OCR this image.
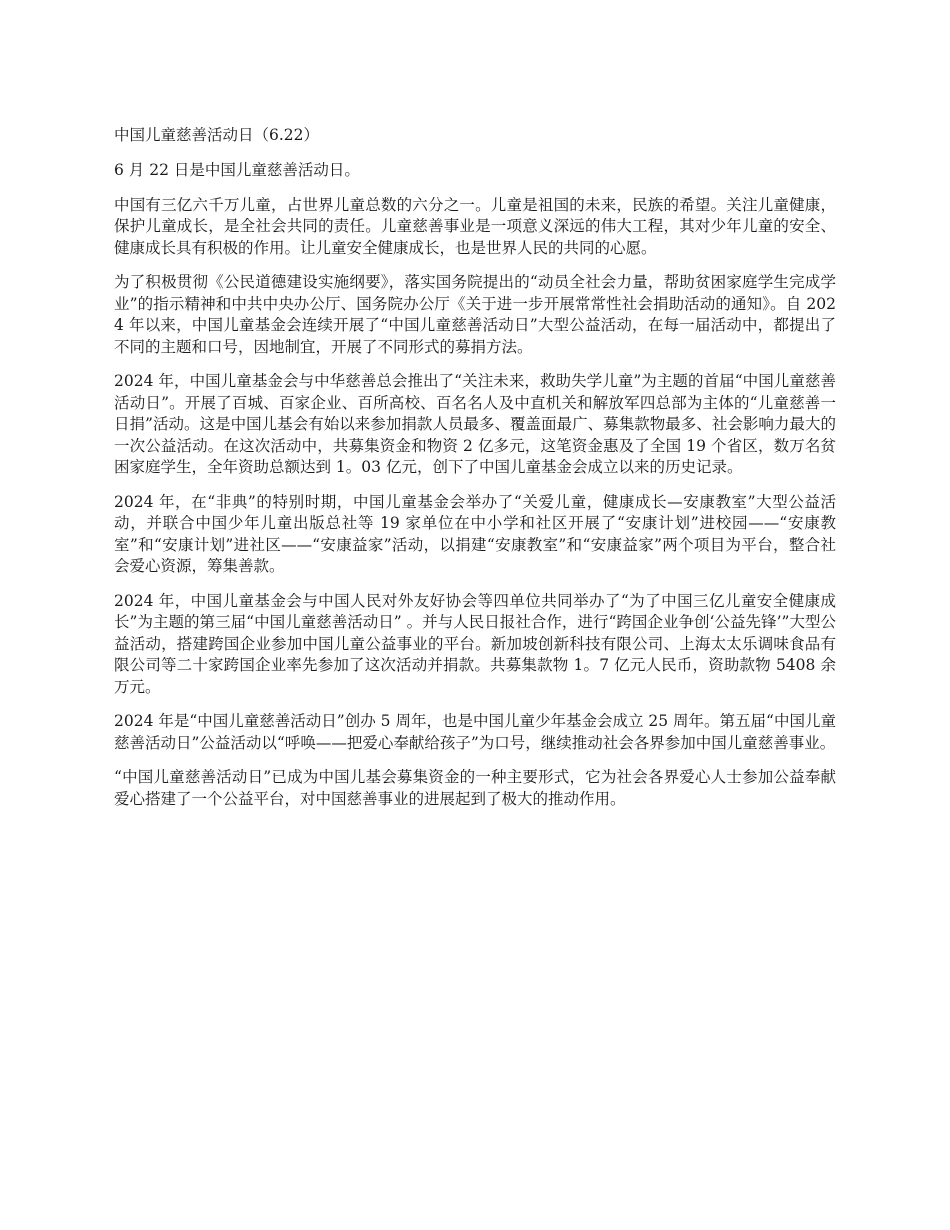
中国儿童慈善活动日（6.22）

6 月 22 日是中国儿童慈善活动日。

中国有三亿六千万儿童，占世界儿童总数的六分之一。儿童是祖国的未来，民族的希望。关注儿童健康，保护儿童成长，是全社会共同的责任。儿童慈善事业是一项意义深远的伟大工程，其对少年儿童的安全、健康成长具有积极的作用。让儿童安全健康成长，也是世界人民的共同的心愿。

为了积极贯彻《公民道德建设实施纲要》，落实国务院提出的“动员全社会力量，帮助贫困家庭学生完成学业”的指示精神和中共中央办公厅、国务院办公厅《关于进一步开展常常性社会捐助活动的通知》。自 2024 年以来，中国儿童基金会连续开展了“中国儿童慈善活动日”大型公益活动，在每一届活动中，都提出了不同的主题和口号，因地制宜，开展了不同形式的募捐方法。

2024 年，中国儿童基金会与中华慈善总会推出了“关注未来，救助失学儿童”为主题的首届“中国儿童慈善活动日”。开展了百城、百家企业、百所高校、百名名人及中直机关和解放军四总部为主体的“儿童慈善一日捐”活动。这是中国儿基会有始以来参加捐款人员最多、覆盖面最广、募集款物最多、社会影响力最大的一次公益活动。在这次活动中，共募集资金和物资 2 亿多元，这笔资金惠及了全国 19 个省区，数万名贫困家庭学生，全年资助总额达到 1。03 亿元，创下了中国儿童基金会成立以来的历史记录。

2024 年，在“非典”的特别时期，中国儿童基金会举办了“关爱儿童，健康成长—安康教室”大型公益活动，并联合中国少年儿童出版总社等 19 家单位在中小学和社区开展了“安康计划”进校园——“安康教室”和“安康计划”进社区——“安康益家”活动，以捐建“安康教室”和“安康益家”两个项目为平台，整合社会爱心资源，筹集善款。

2024 年，中国儿童基金会与中国人民对外友好协会等四单位共同举办了“为了中国三亿儿童安全健康成长”为主题的第三届“中国儿童慈善活动日” 。并与人民日报社合作，进行“跨国企业争创‘公益先锋’”大型公益活动，搭建跨国企业参加中国儿童公益事业的平台。新加坡创新科技有限公司、上海太太乐调味食品有限公司等二十家跨国企业率先参加了这次活动并捐款。共募集款物 1。7 亿元人民币，资助款物 5408 余万元。

2024 年是“中国儿童慈善活动日”创办 5 周年，也是中国儿童少年基金会成立 25 周年。第五届“中国儿童慈善活动日”公益活动以“呼唤——把爱心奉献给孩子”为口号，继续推动社会各界参加中国儿童慈善事业。

“中国儿童慈善活动日”已成为中国儿基会募集资金的一种主要形式，它为社会各界爱心人士参加公益奉献爱心搭建了一个公益平台，对中国慈善事业的进展起到了极大的推动作用。
